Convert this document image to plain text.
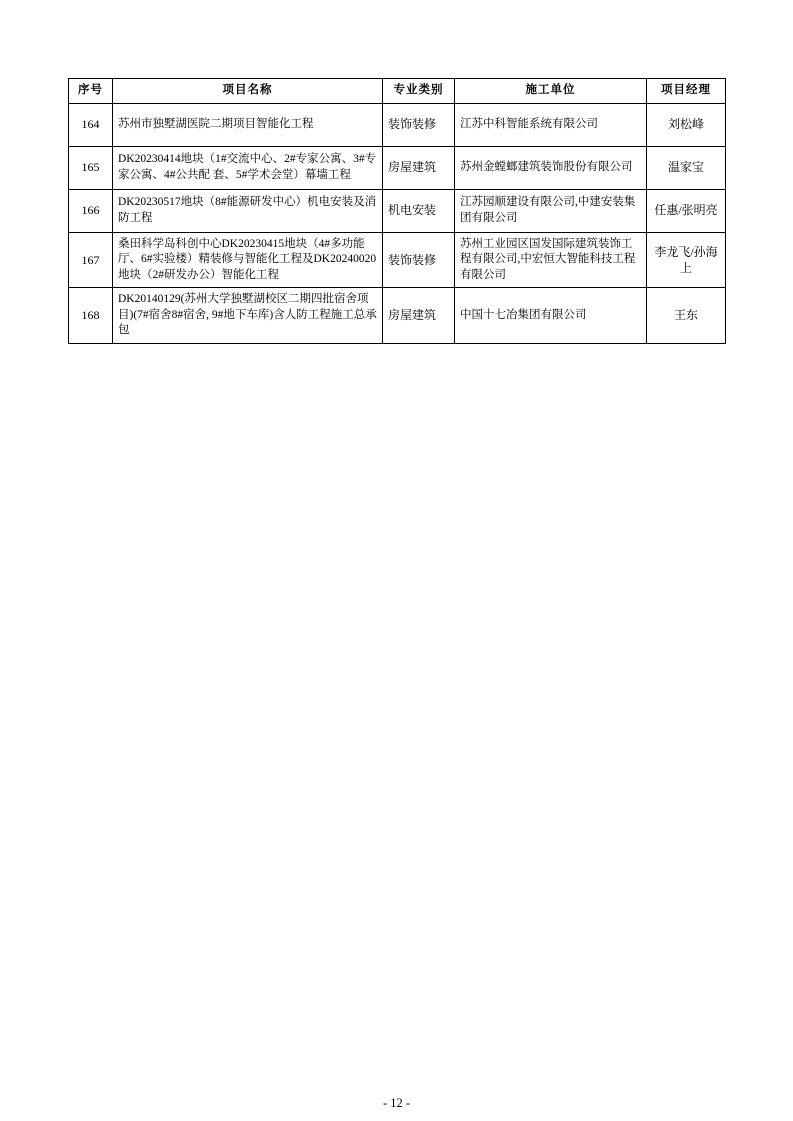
序号	项目名称	专业类别	施工单位	项目经理
164	苏州市独墅湖医院二期项目智能化工程	装饰装修	江苏中科智能系统有限公司	刘松峰
165	DK20230414地块（1#交流中心、2#专家公寓、3#专家公寓、4#公共配 套、5#学术会堂）幕墙工程	房屋建筑	苏州金螳螂建筑装饰股份有限公司	温家宝
166	DK20230517地块（8#能源研发中心）机电安装及消防工程	机电安装	江苏园顺建设有限公司,中建安装集团有限公司	任惠/张明亮
167	桑田科学岛科创中心DK20230415地块（4#多功能厅、6#实验楼）精装修与智能化工程及DK20240020地块（2#研发办公）智能化工程	装饰装修	苏州工业园区国发国际建筑装饰工程有限公司,中宏恒大智能科技工程有限公司	李龙飞/孙海上
168	DK20140129(苏州大学独墅湖校区二期四批宿舍项目)(7#宿舍8#宿舍, 9#地下车库)含人防工程施工总承包	房屋建筑	中国十七冶集团有限公司	王东
- 12 -
